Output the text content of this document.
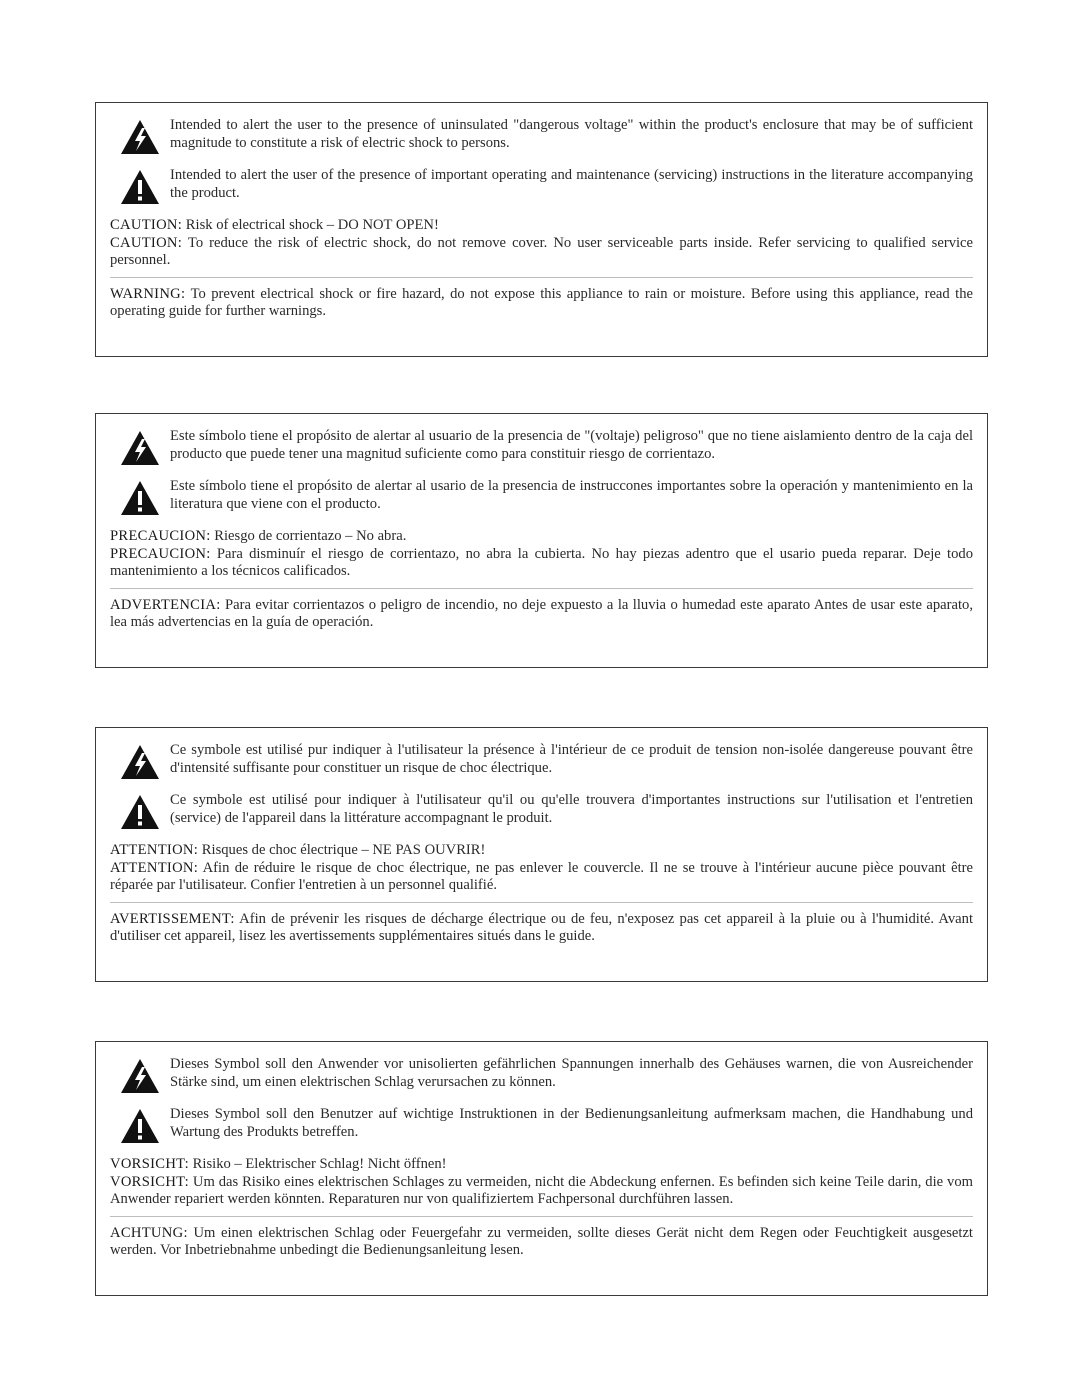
Intended to alert the user to the presence of uninsulated "dangerous voltage" within the product's enclosure that may be of sufficient magnitude to constitute a risk of electric shock to persons.
Intended to alert the user of the presence of important operating and maintenance (servicing) instructions in the literature accompanying the product.
CAUTION: Risk of electrical shock – DO NOT OPEN!
CAUTION: To reduce the risk of electric shock, do not remove cover. No user serviceable parts inside. Refer servicing to qualified service personnel.
WARNING: To prevent electrical shock or fire hazard, do not expose this appliance to rain or moisture. Before using this appliance, read the operating guide for further warnings.
Este símbolo tiene el propósito de alertar al usuario de la presencia de "(voltaje) peligroso" que no tiene aislamiento dentro de la caja del producto que puede tener una magnitud suficiente como para constituir riesgo de corrientazo.
Este símbolo tiene el propósito de alertar al usario de la presencia de instruccones importantes sobre la operación y mantenimiento en la literatura que viene con el producto.
PRECAUCION: Riesgo de corrientazo – No abra.
PRECAUCION: Para disminuír el riesgo de corrientazo, no abra la cubierta. No hay piezas adentro que el usario pueda reparar. Deje todo mantenimiento a los técnicos calificados.
ADVERTENCIA: Para evitar corrientazos o peligro de incendio, no deje expuesto a la lluvia o humedad este aparato Antes de usar este aparato, lea más advertencias en la guía de operación.
Ce symbole est utilisé pur indiquer à l'utilisateur la présence à l'intérieur de ce produit de tension non-isolée dangereuse pouvant être d'intensité suffisante pour constituer un risque de choc électrique.
Ce symbole est utilisé pour indiquer à l'utilisateur qu'il ou qu'elle trouvera d'importantes instructions sur l'utilisation et l'entretien (service) de l'appareil dans la littérature accompagnant le produit.
ATTENTION: Risques de choc électrique – NE PAS OUVRIR!
ATTENTION: Afin de réduire le risque de choc électrique, ne pas enlever le couvercle. Il ne se trouve à l'intérieur aucune pièce pouvant être réparée par l'utilisateur. Confier l'entretien à un personnel qualifié.
AVERTISSEMENT: Afin de prévenir les risques de décharge électrique ou de feu, n'exposez pas cet appareil à la pluie ou à l'humidité. Avant d'utiliser cet appareil, lisez les avertissements supplémentaires situés dans le guide.
Dieses Symbol soll den Anwender vor unisolierten gefährlichen Spannungen innerhalb des Gehäuses warnen, die von Ausreichender Stärke sind, um einen elektrischen Schlag verursachen zu können.
Dieses Symbol soll den Benutzer auf wichtige Instruktionen in der Bedienungsanleitung aufmerksam machen, die Handhabung und Wartung des Produkts betreffen.
VORSICHT: Risiko – Elektrischer Schlag! Nicht öffnen!
VORSICHT: Um das Risiko eines elektrischen Schlages zu vermeiden, nicht die Abdeckung enfernen. Es befinden sich keine Teile darin, die vom Anwender repariert werden könnten. Reparaturen nur von qualifiziertem Fachpersonal durchführen lassen.
ACHTUNG: Um einen elektrischen Schlag oder Feuergefahr zu vermeiden, sollte dieses Gerät nicht dem Regen oder Feuchtigkeit ausgesetzt werden. Vor Inbetriebnahme unbedingt die Bedienungsanleitung lesen.
